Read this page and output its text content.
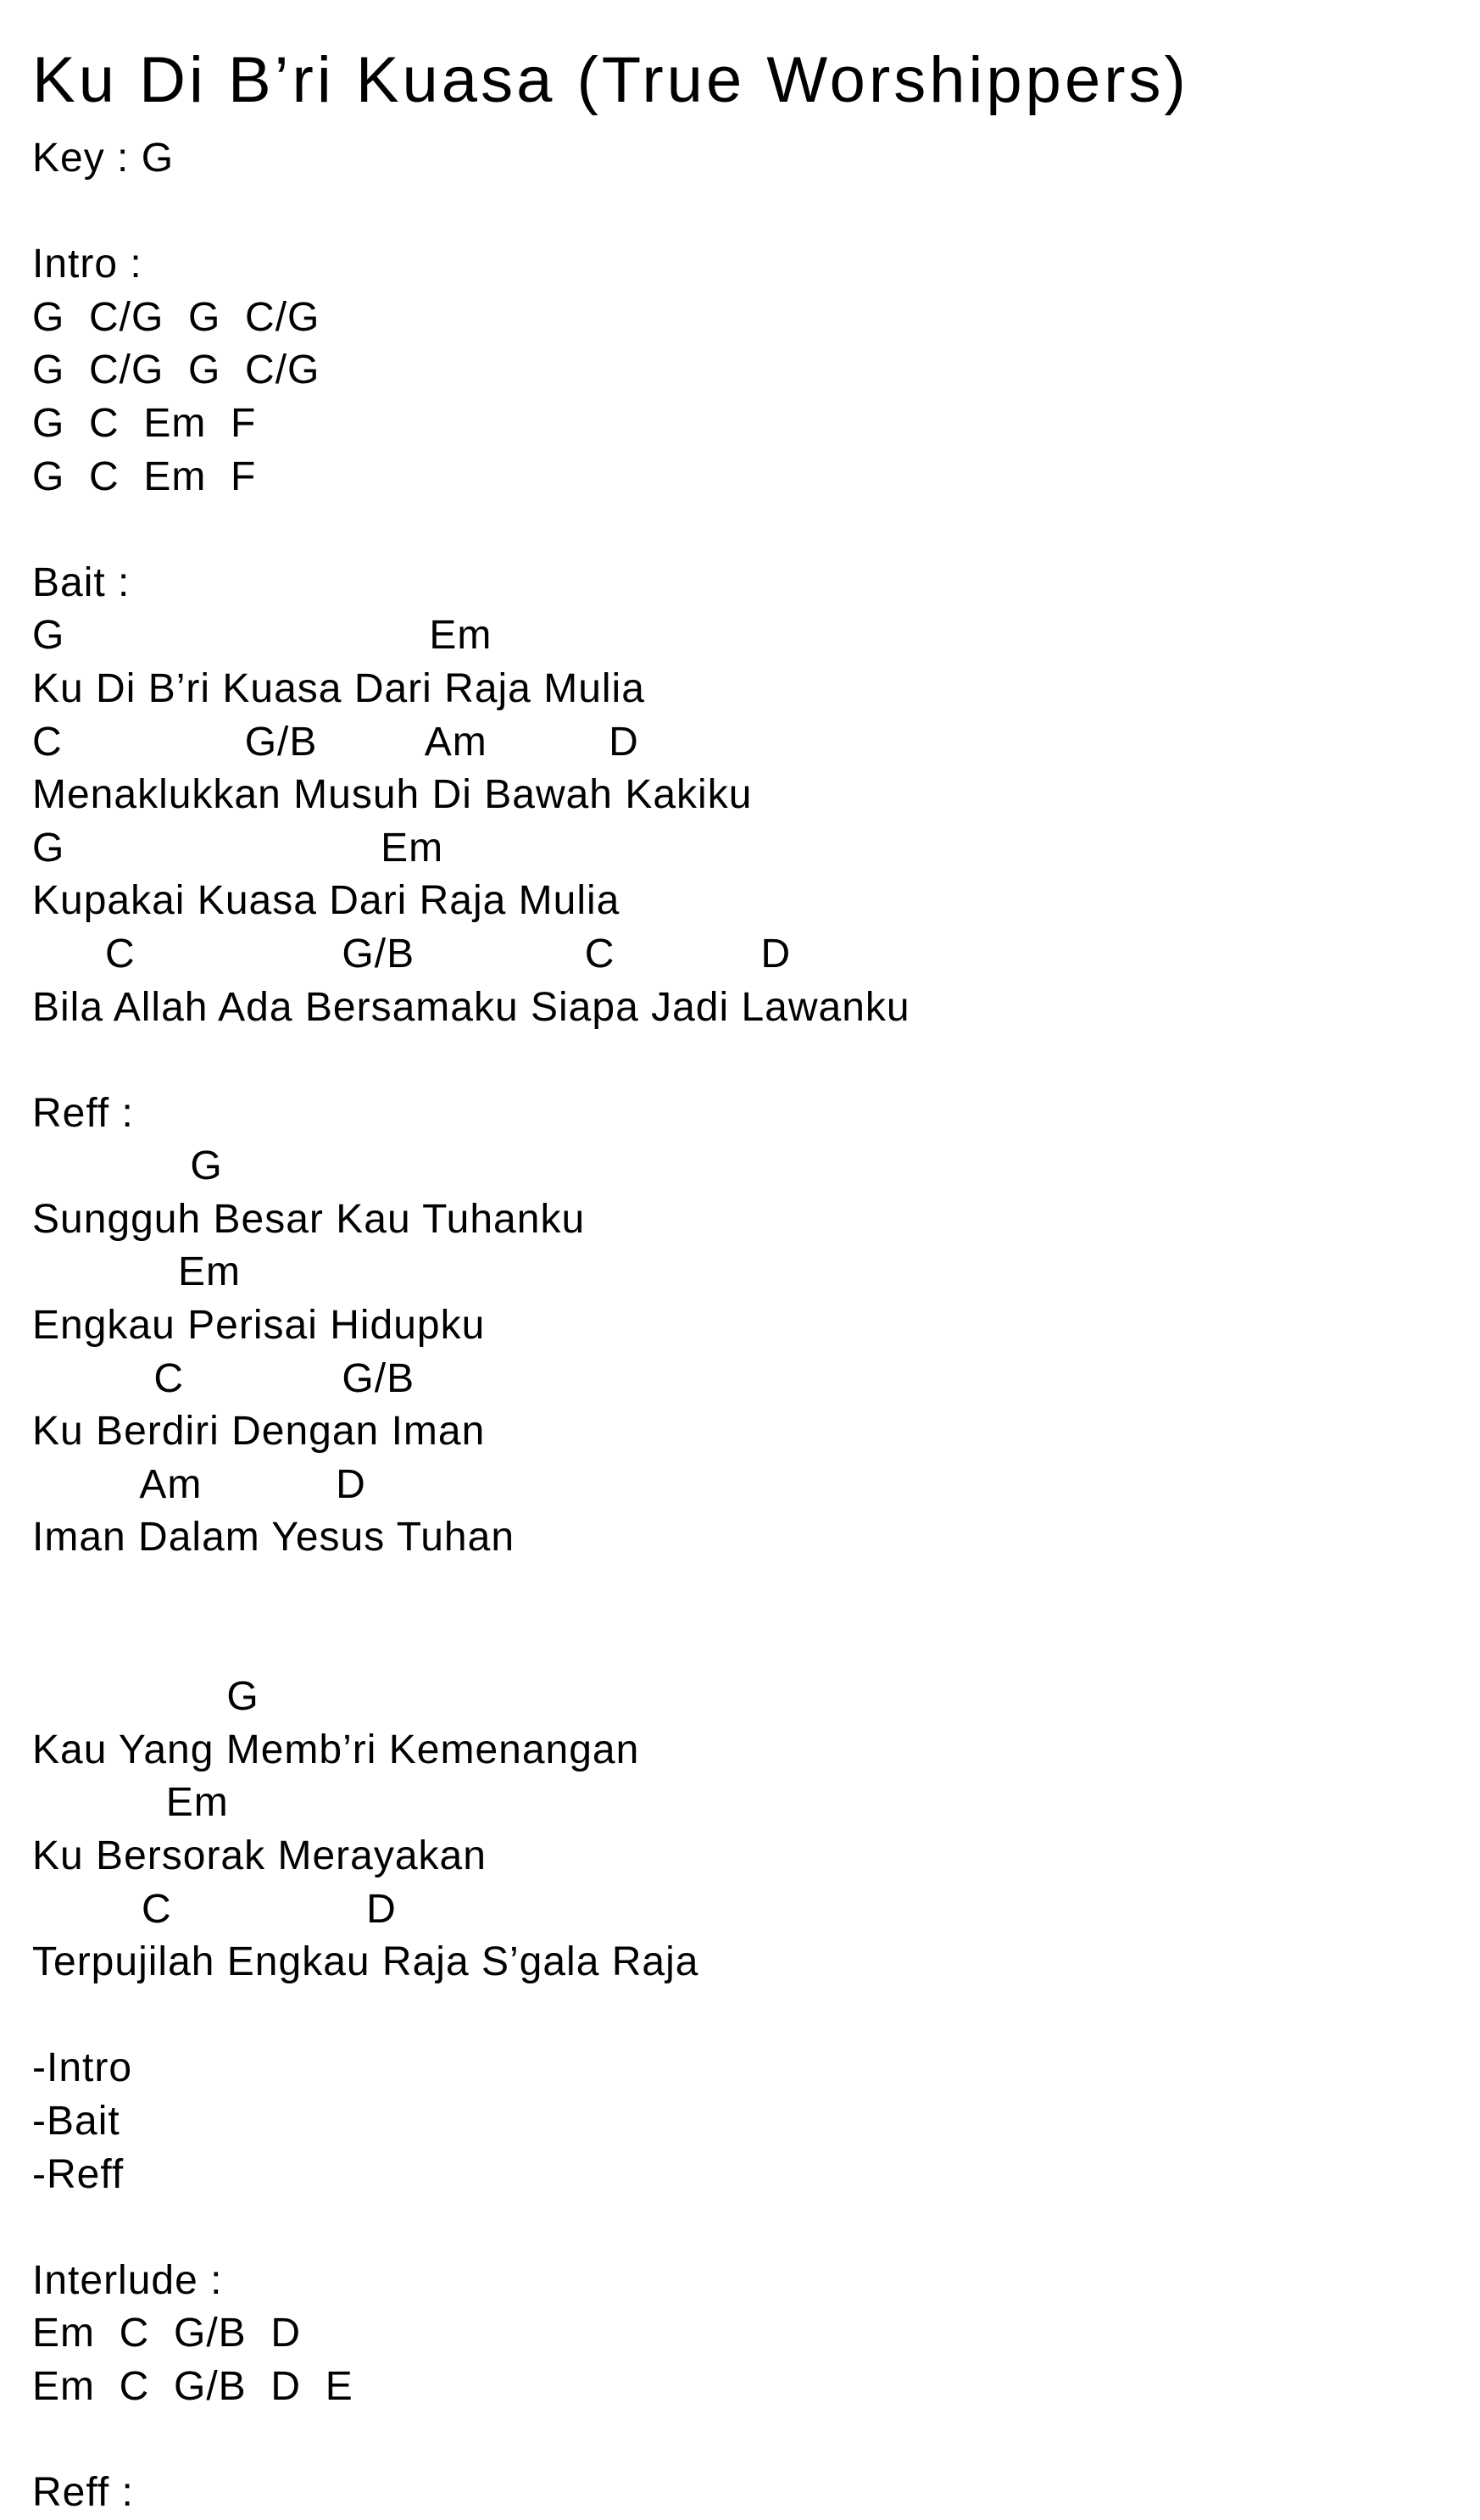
Ku Di B’ri Kuasa (True Worshippers)
Key : G
Intro :
G  C/G  G  C/G
G  C/G  G  C/G
G  C  Em  F
G  C  Em  F
Bait :
G                              Em
Ku Di B’ri Kuasa Dari Raja Mulia
C               G/B         Am          D
Menaklukkan Musuh Di Bawah Kakiku
G                          Em
Kupakai Kuasa Dari Raja Mulia
C                 G/B              C            D
Bila Allah Ada Bersamaku Siapa Jadi Lawanku
Reff :
G
Sungguh Besar Kau Tuhanku
Em
Engkau Perisai Hidupku
C             G/B
Ku Berdiri Dengan Iman
Am           D
Iman Dalam Yesus Tuhan
G
Kau Yang Memb’ri Kemenangan
Em
Ku Bersorak Merayakan
C                D
Terpujilah Engkau Raja S’gala Raja
-Intro
-Bait
-Reff
Interlude :
Em  C  G/B  D
Em  C  G/B  D  E
Reff :
